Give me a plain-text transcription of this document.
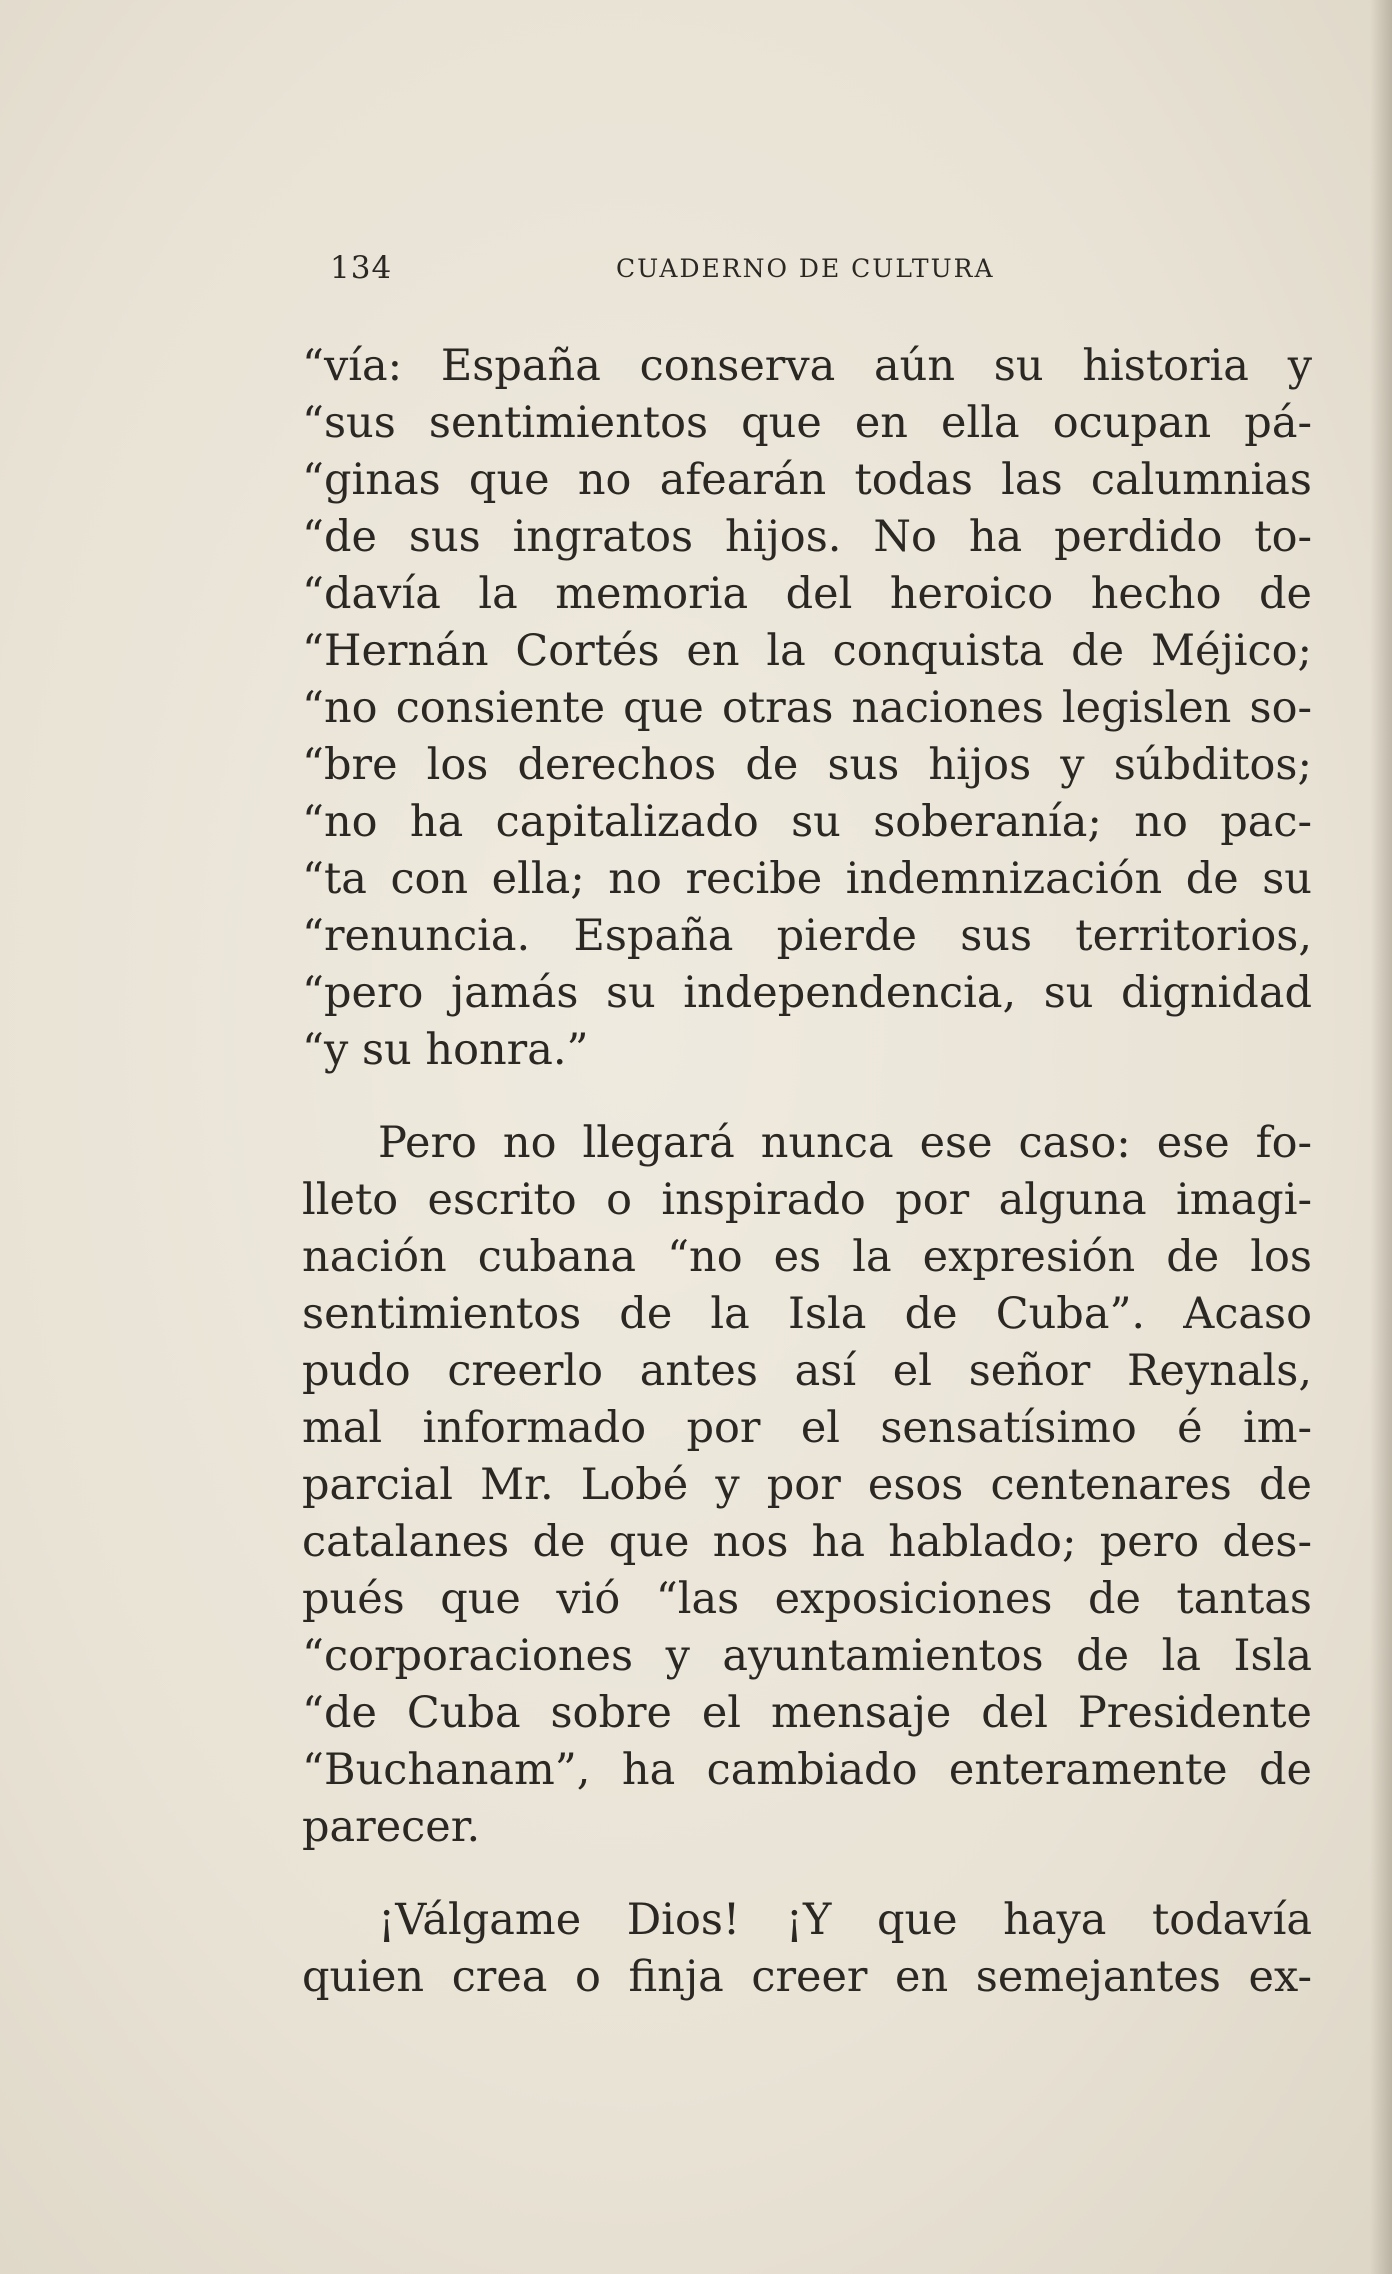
134	CUADERNO DE CULTURA
“vía: España conserva aún su historia y
“sus sentimientos que en ella ocupan pá-
“ginas que no afearán todas las calumnias
“de sus ingratos hijos. No ha perdido to-
“davía la memoria del heroico hecho de
“Hernán Cortés en la conquista de Méjico;
“no consiente que otras naciones legislen so-
“bre los derechos de sus hijos y súbditos;
“no ha capitalizado su soberanía; no pac-
“ta con ella; no recibe indemnización de su
“renuncia. España pierde sus territorios,
“pero jamás su independencia, su dignidad
“y su honra.”
Pero no llegará nunca ese caso: ese fo-
lleto escrito o inspirado por alguna imagi-
nación cubana “no es la expresión de los
sentimientos de la Isla de Cuba”. Acaso
pudo creerlo antes así el señor Reynals,
mal informado por el sensatísimo é im-
parcial Mr. Lobé y por esos centenares de
catalanes de que nos ha hablado; pero des-
pués que vió “las exposiciones de tantas
“corporaciones y ayuntamientos de la Isla
“de Cuba sobre el mensaje del Presidente
“Buchanam”, ha cambiado enteramente de
parecer.
¡Válgame Dios! ¡Y que haya todavía
quien crea o finja creer en semejantes ex-
